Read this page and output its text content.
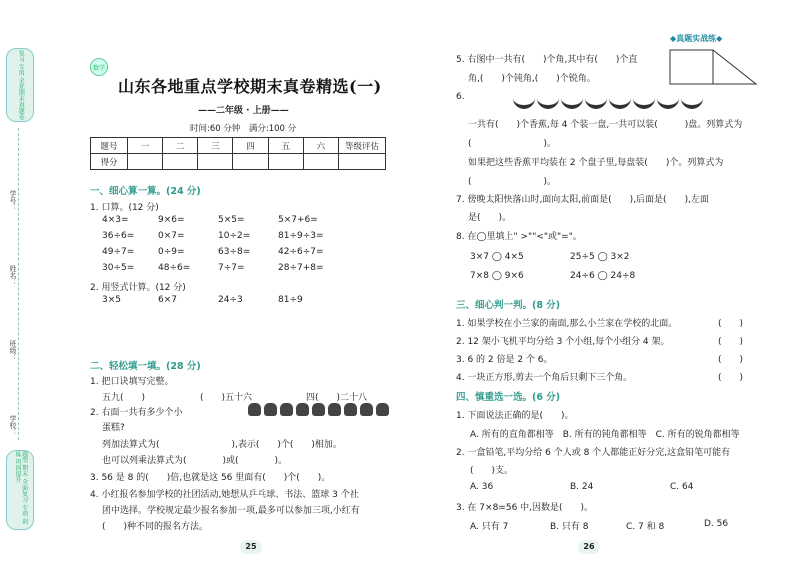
复习 专用 全优期末真题卷
学号：
姓名：
班级：
学校：
题型 期末 全面复习 专项 训练 巩固提升
数学
山东各地重点学校期末真卷精选(一)
——二年级 · 上册——
时间:60 分钟　满分:100 分
题号	一	二	三	四	五	六	等级评估
得分							
一、细心算一算。(24 分)
1. 口算。(12 分)
4×3=	9×6=	5×5=	5×7+6=
36÷6=	0×7=	10÷2=	81÷9÷3=
49÷7=	0÷9=	63÷8=	42÷6÷7=
30÷5=	48÷6=	7÷7=	28÷7+8=
2. 用竖式计算。(12 分)
3×5	6×7	24÷3	81÷9
二、轻松填一填。(28 分)
1. 把口诀填写完整。
五九(　　)	(　　)五十六	四(　　)二十八
2. 右面一共有多少个小
蛋糕?
列加法算式为(　　　　　　　　),表示(　　)个(　　)相加。
也可以列乘法算式为(　　　　)或(　　　　)。
3. 56 是 8 的(　　)倍,也就是这 56 里面有(　　)个(　　)。
4. 小红报名参加学校的社团活动,她想从乒乓球、书法、篮球 3 个社
团中选择。学校规定最少报名参加一项,最多可以参加三项,小红有
(　　)种不同的报名方法。
25
◆真题实战练◆
5. 右图中一共有(　　)个角,其中有(　　)个直
角,(　　)个钝角,(　　)个锐角。
6.
一共有(　　)个香蕉,每 4 个装一盘,一共可以装(　　　)盘。列算式为
(　　　　　　　　)。
如果把这些香蕉平均装在 2 个盘子里,每盘装(　　)个。列算式为
(　　　　　　　　)。
7. 傍晚太阳快落山时,面向太阳,前面是(　　),后面是(　　),左面
是(　　)。
8. 在◯里填上" >""<"或"="。
3×7 ◯ 4×5	25÷5 ◯ 3×2
7×8 ◯ 9×6	24÷6 ◯ 24÷8
三、细心判一判。(8 分)
1. 如果学校在小兰家的南面,那么小兰家在学校的北面。	(　　)
2. 12 架小飞机平均分给 3 个小组,每个小组分 4 架。	(　　)
3. 6 的 2 倍是 2 个 6。	(　　)
4. 一块正方形,剪去一个角后只剩下三个角。	(　　)
四、慎重选一选。(6 分)
1. 下面说法正确的是(　　)。
A. 所有的直角都相等　B. 所有的钝角都相等　C. 所有的锐角都相等
2. 一盒铅笔,平均分给 6 个人或 8 个人都能正好分完,这盒铅笔可能有
(　　)支。
A. 36	B. 24	C. 64
3. 在 7×8=56 中,因数是(　　)。
A. 只有 7	B. 只有 8	C. 7 和 8	D. 56
26
